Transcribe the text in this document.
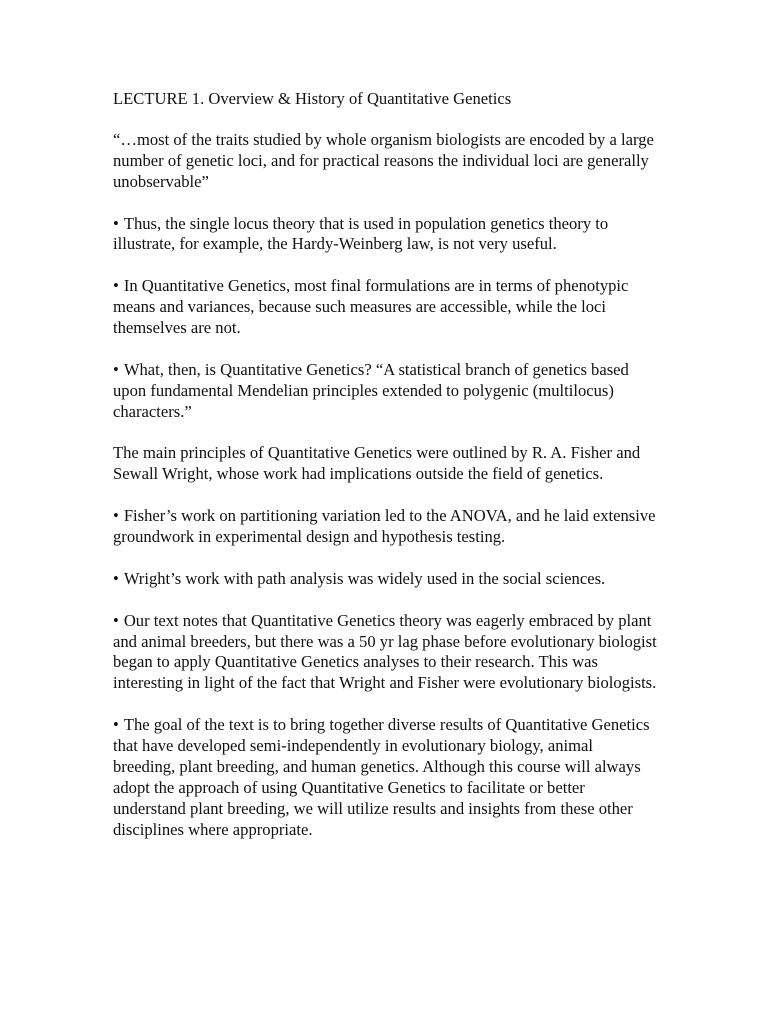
LECTURE 1. Overview & History of Quantitative Genetics

“…most of the traits studied by whole organism biologists are encoded by a large number of genetic loci, and for practical reasons the individual loci are generally unobservable”

• Thus, the single locus theory that is used in population genetics theory to illustrate, for example, the Hardy-Weinberg law, is not very useful.

• In Quantitative Genetics, most final formulations are in terms of phenotypic means and variances, because such measures are accessible, while the loci themselves are not.

• What, then, is Quantitative Genetics? “A statistical branch of genetics based upon fundamental Mendelian principles extended to polygenic (multilocus) characters.”

The main principles of Quantitative Genetics were outlined by R. A. Fisher and Sewall Wright, whose work had implications outside the field of genetics.

• Fisher’s work on partitioning variation led to the ANOVA, and he laid extensive groundwork in experimental design and hypothesis testing.

• Wright’s work with path analysis was widely used in the social sciences.

• Our text notes that Quantitative Genetics theory was eagerly embraced by plant and animal breeders, but there was a 50 yr lag phase before evolutionary biologist began to apply Quantitative Genetics analyses to their research. This was interesting in light of the fact that Wright and Fisher were evolutionary biologists.

• The goal of the text is to bring together diverse results of Quantitative Genetics that have developed semi-independently in evolutionary biology, animal breeding, plant breeding, and human genetics. Although this course will always adopt the approach of using Quantitative Genetics to facilitate or better understand plant breeding, we will utilize results and insights from these other disciplines where appropriate.
